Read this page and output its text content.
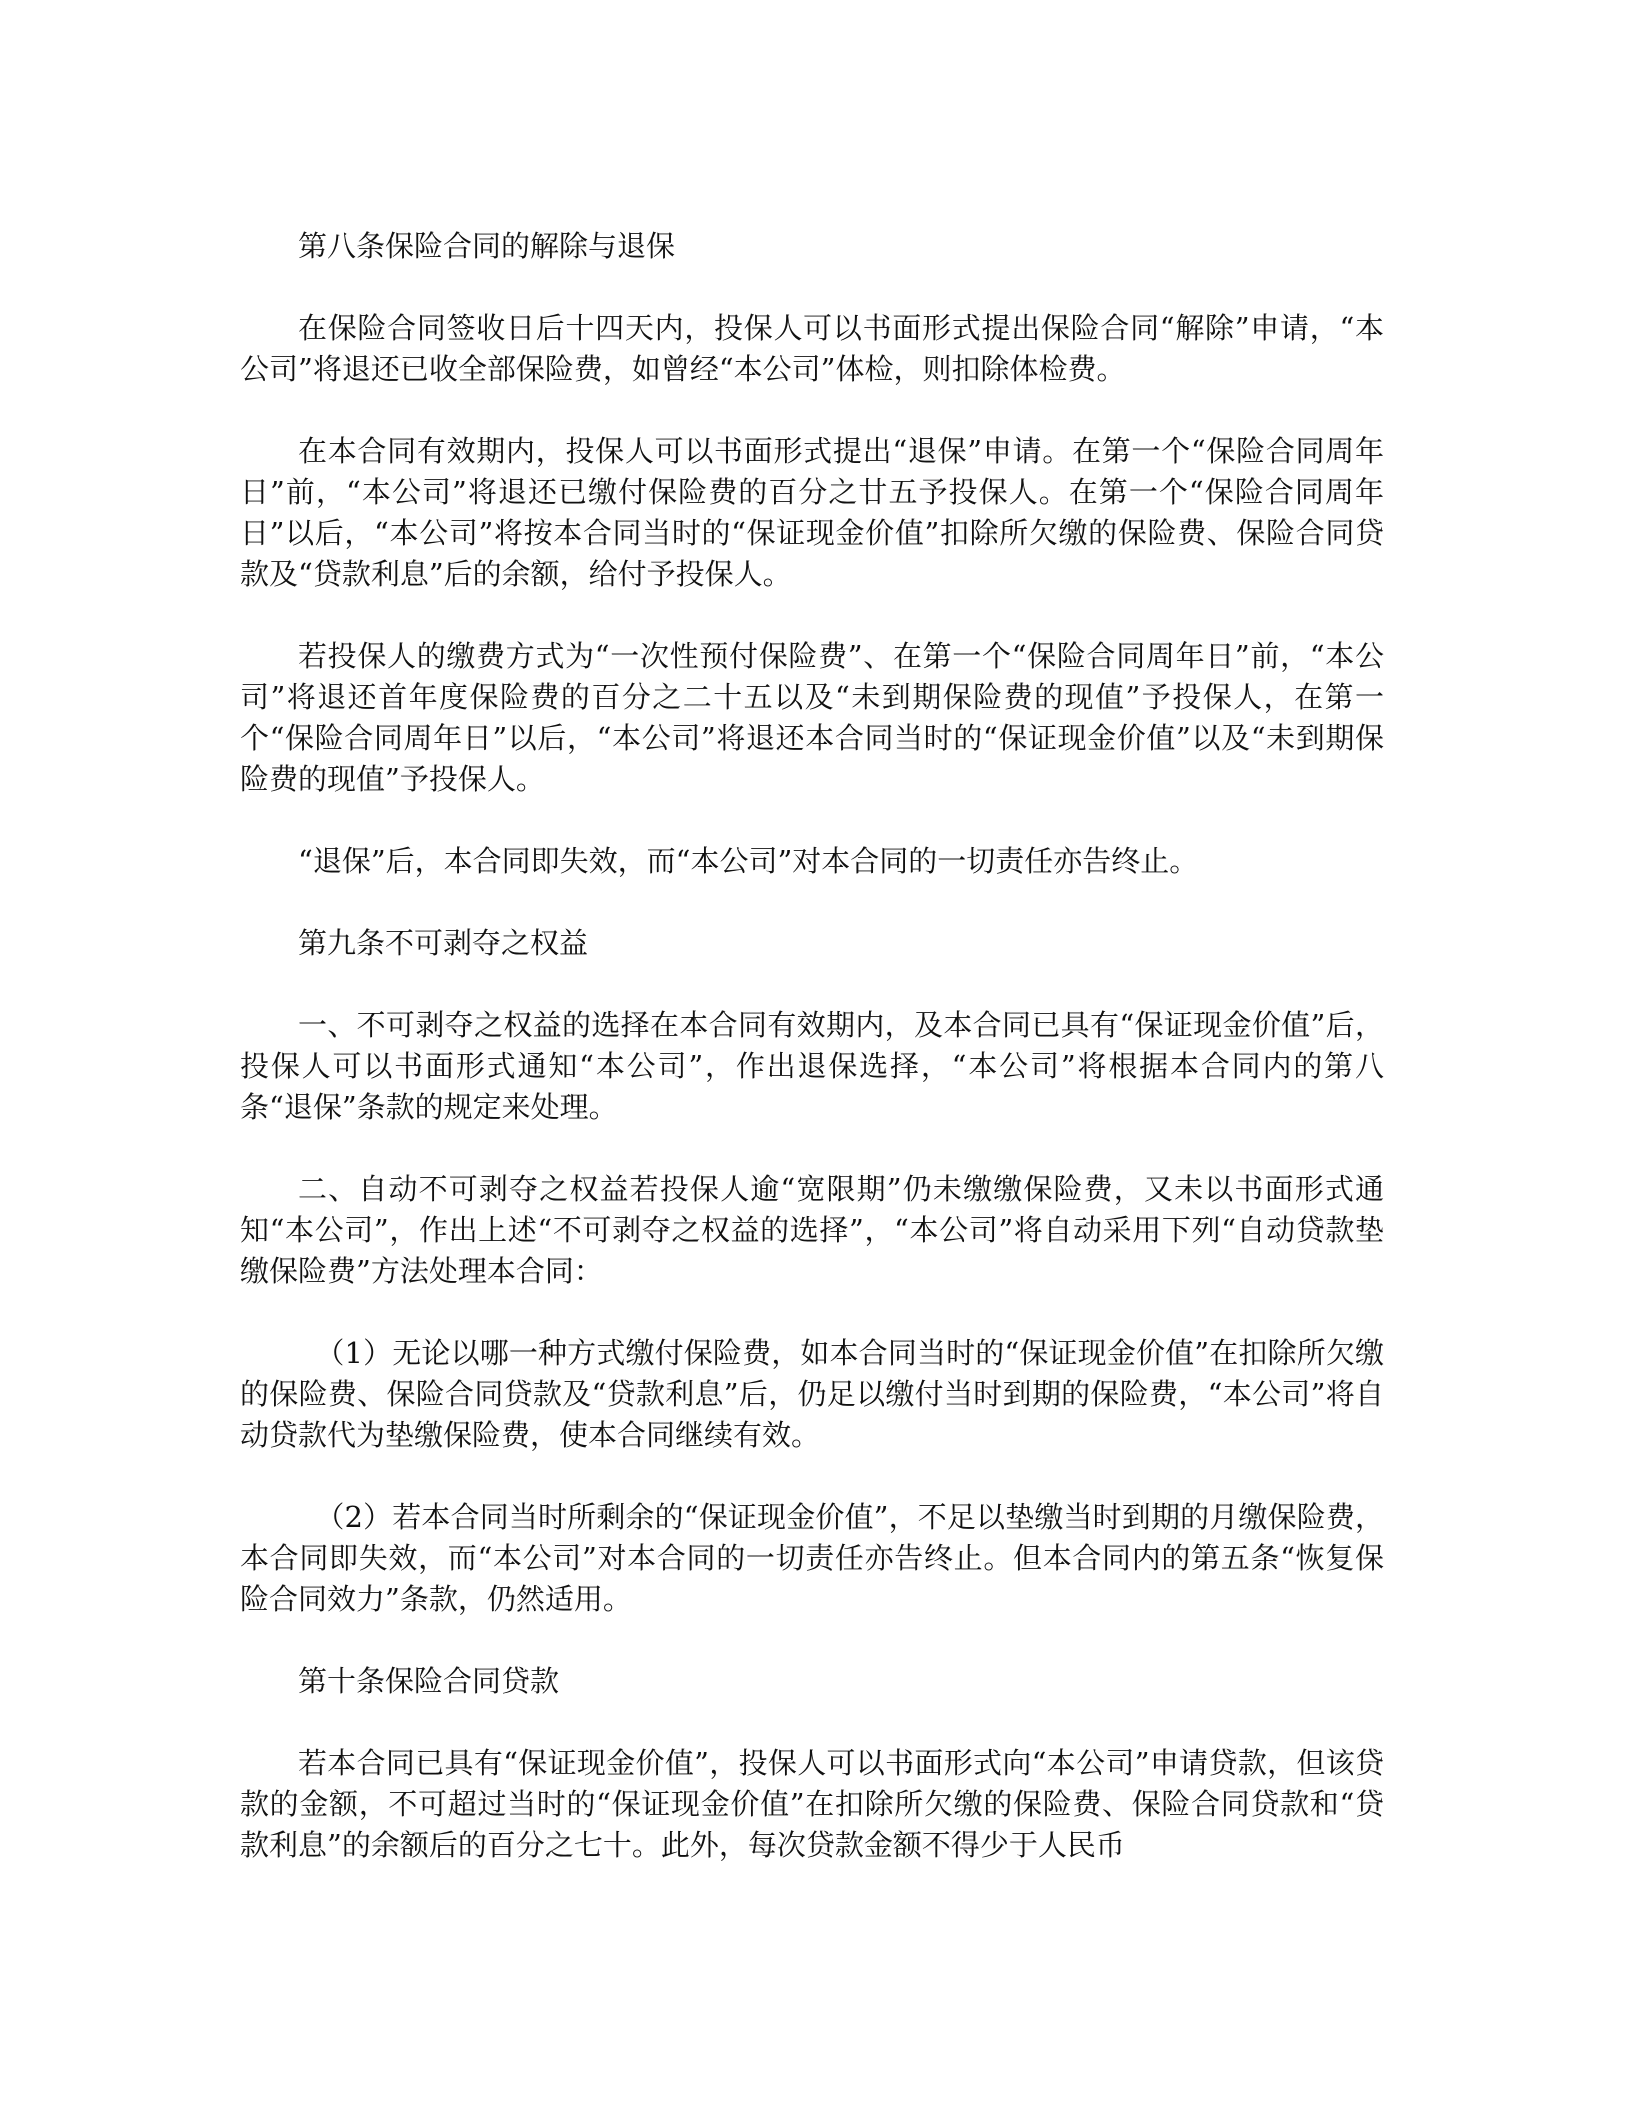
第八条保险合同的解除与退保

在保险合同签收日后十四天内，投保人可以书面形式提出保险合同“解除”申请，“本公司”将退还已收全部保险费，如曾经“本公司”体检，则扣除体检费。

在本合同有效期内，投保人可以书面形式提出“退保”申请。在第一个“保险合同周年日”前，“本公司”将退还已缴付保险费的百分之廿五予投保人。在第一个“保险合同周年日”以后，“本公司”将按本合同当时的“保证现金价值”扣除所欠缴的保险费、保险合同贷款及“贷款利息”后的余额，给付予投保人。

若投保人的缴费方式为“一次性预付保险费”、在第一个“保险合同周年日”前，“本公司”将退还首年度保险费的百分之二十五以及“未到期保险费的现值”予投保人，在第一个“保险合同周年日”以后，“本公司”将退还本合同当时的“保证现金价值”以及“未到期保险费的现值”予投保人。

“退保”后，本合同即失效，而“本公司”对本合同的一切责任亦告终止。

第九条不可剥夺之权益

一、不可剥夺之权益的选择在本合同有效期内，及本合同已具有“保证现金价值”后，投保人可以书面形式通知“本公司”，作出退保选择，“本公司”将根据本合同内的第八条“退保”条款的规定来处理。

二、自动不可剥夺之权益若投保人逾“宽限期”仍未缴缴保险费，又未以书面形式通知“本公司”，作出上述“不可剥夺之权益的选择”，“本公司”将自动采用下列“自动贷款垫缴保险费”方法处理本合同：

（1）无论以哪一种方式缴付保险费，如本合同当时的“保证现金价值”在扣除所欠缴的保险费、保险合同贷款及“贷款利息”后，仍足以缴付当时到期的保险费，“本公司”将自动贷款代为垫缴保险费，使本合同继续有效。

（2）若本合同当时所剩余的“保证现金价值”，不足以垫缴当时到期的月缴保险费，本合同即失效，而“本公司”对本合同的一切责任亦告终止。但本合同内的第五条“恢复保险合同效力”条款，仍然适用。

第十条保险合同贷款

若本合同已具有“保证现金价值”，投保人可以书面形式向“本公司”申请贷款，但该贷款的金额，不可超过当时的“保证现金价值”在扣除所欠缴的保险费、保险合同贷款和“贷款利息”的余额后的百分之七十。此外，每次贷款金额不得少于人民币
